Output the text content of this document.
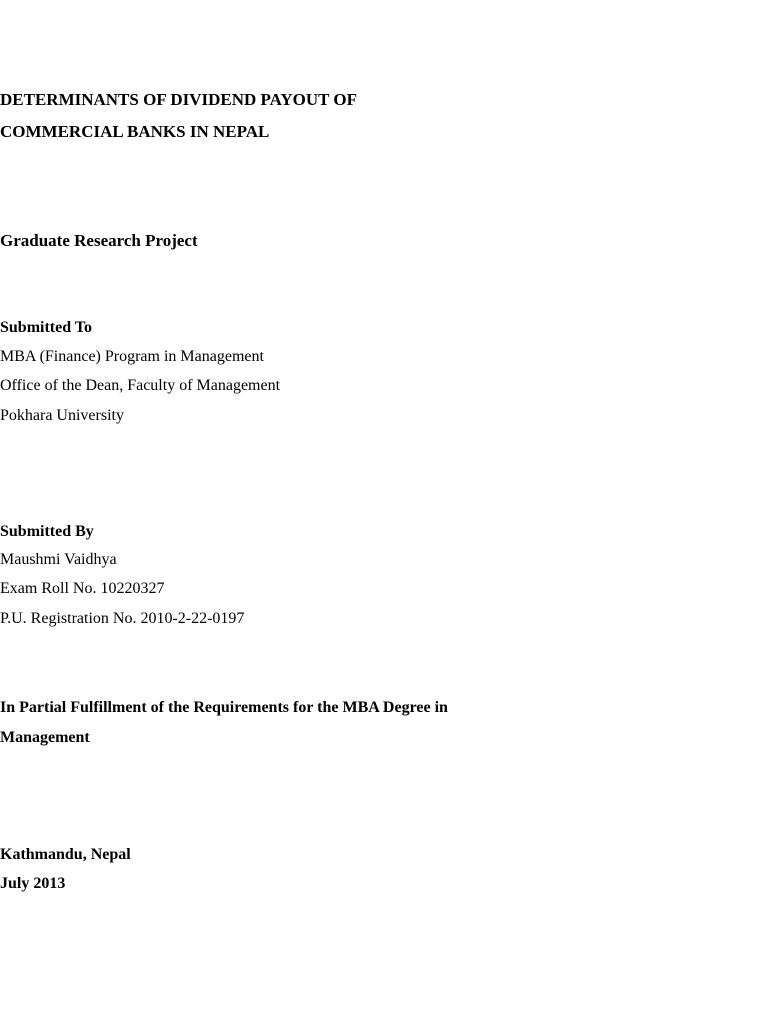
DETERMINANTS OF DIVIDEND PAYOUT OF
COMMERCIAL BANKS IN NEPAL
Graduate Research Project
Submitted To
MBA (Finance) Program in Management
Office of the Dean, Faculty of Management
Pokhara University
Submitted By
Maushmi Vaidhya
Exam Roll No. 10220327
P.U. Registration No. 2010-2-22-0197
In Partial Fulfillment of the Requirements for the MBA Degree in
Management
Kathmandu, Nepal
July 2013
